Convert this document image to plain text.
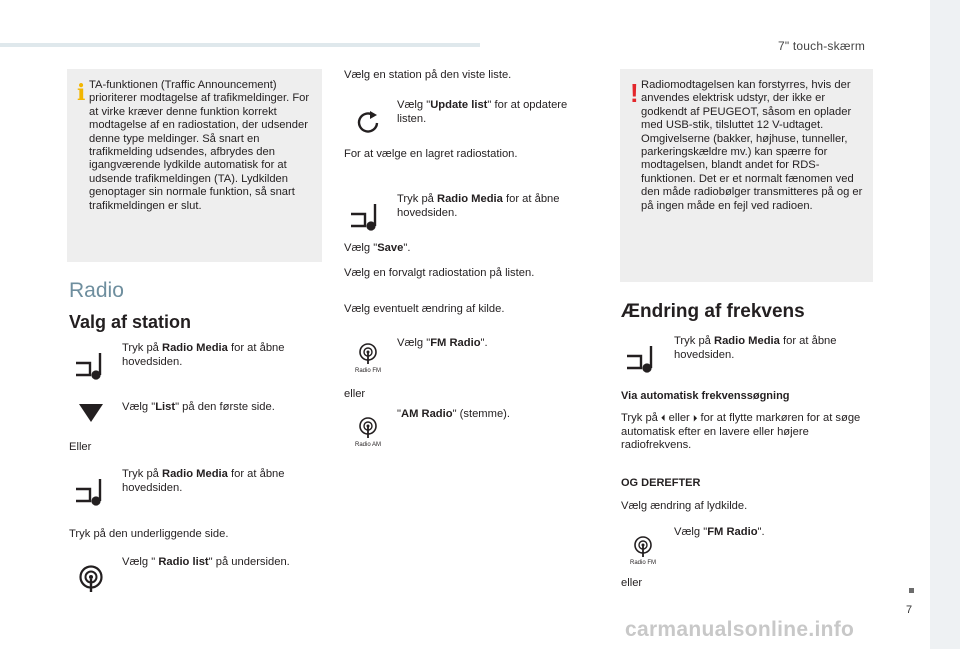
7" touch-skærm
7
carmanualsonline.info
i TA-funktionen (Traffic Announcement) prioriterer modtagelse af trafikmeldinger. For at virke kræver denne funktion korrekt modtagelse af en radiostation, der udsender denne type meldinger. Så snart en trafikmelding udsendes, afbrydes den igangværende lydkilde automatisk for at udsende trafikmeldingen (TA). Lydkilden genoptager sin normale funktion, så snart trafikmeldingen er slut.

Radio
Valg af station

Tryk på Radio Media for at åbne hovedsiden.

Vælg "List" på den første side.

Eller

Tryk på Radio Media for at åbne hovedsiden.

Tryk på den underliggende side.

Vælg " Radio list" på undersiden.

Vælg en station på den viste liste.

Vælg "Update list" for at opdatere listen.

For at vælge en lagret radiostation.

Tryk på Radio Media for at åbne hovedsiden.

Vælg "Save".

Vælg en forvalgt radiostation på listen.

Vælg eventuelt ændring af kilde.

Radio FM

Vælg "FM Radio".

eller

Radio AM

"AM Radio" (stemme).

! Radiomodtagelsen kan forstyrres, hvis der anvendes elektrisk udstyr, der ikke er godkendt af PEUGEOT, såsom en oplader med USB-stik, tilsluttet 12 V-udtaget. Omgivelserne (bakker, højhuse, tunneller, parkeringskældre mv.) kan spærre for modtagelsen, blandt andet for RDS-funktionen. Det er et normalt fænomen ved den måde radiobølger transmitteres på og er på ingen måde en fejl ved radioen.

Ændring af frekvens

Tryk på Radio Media for at åbne hovedsiden.

Via automatisk frekvenssøgning

Tryk på ⏴ eller ⏵ for at flytte markøren for at søge automatisk efter en lavere eller højere radiofrekvens.

OG DEREFTER

Vælg ændring af lydkilde.

Radio FM

Vælg "FM Radio".

eller
